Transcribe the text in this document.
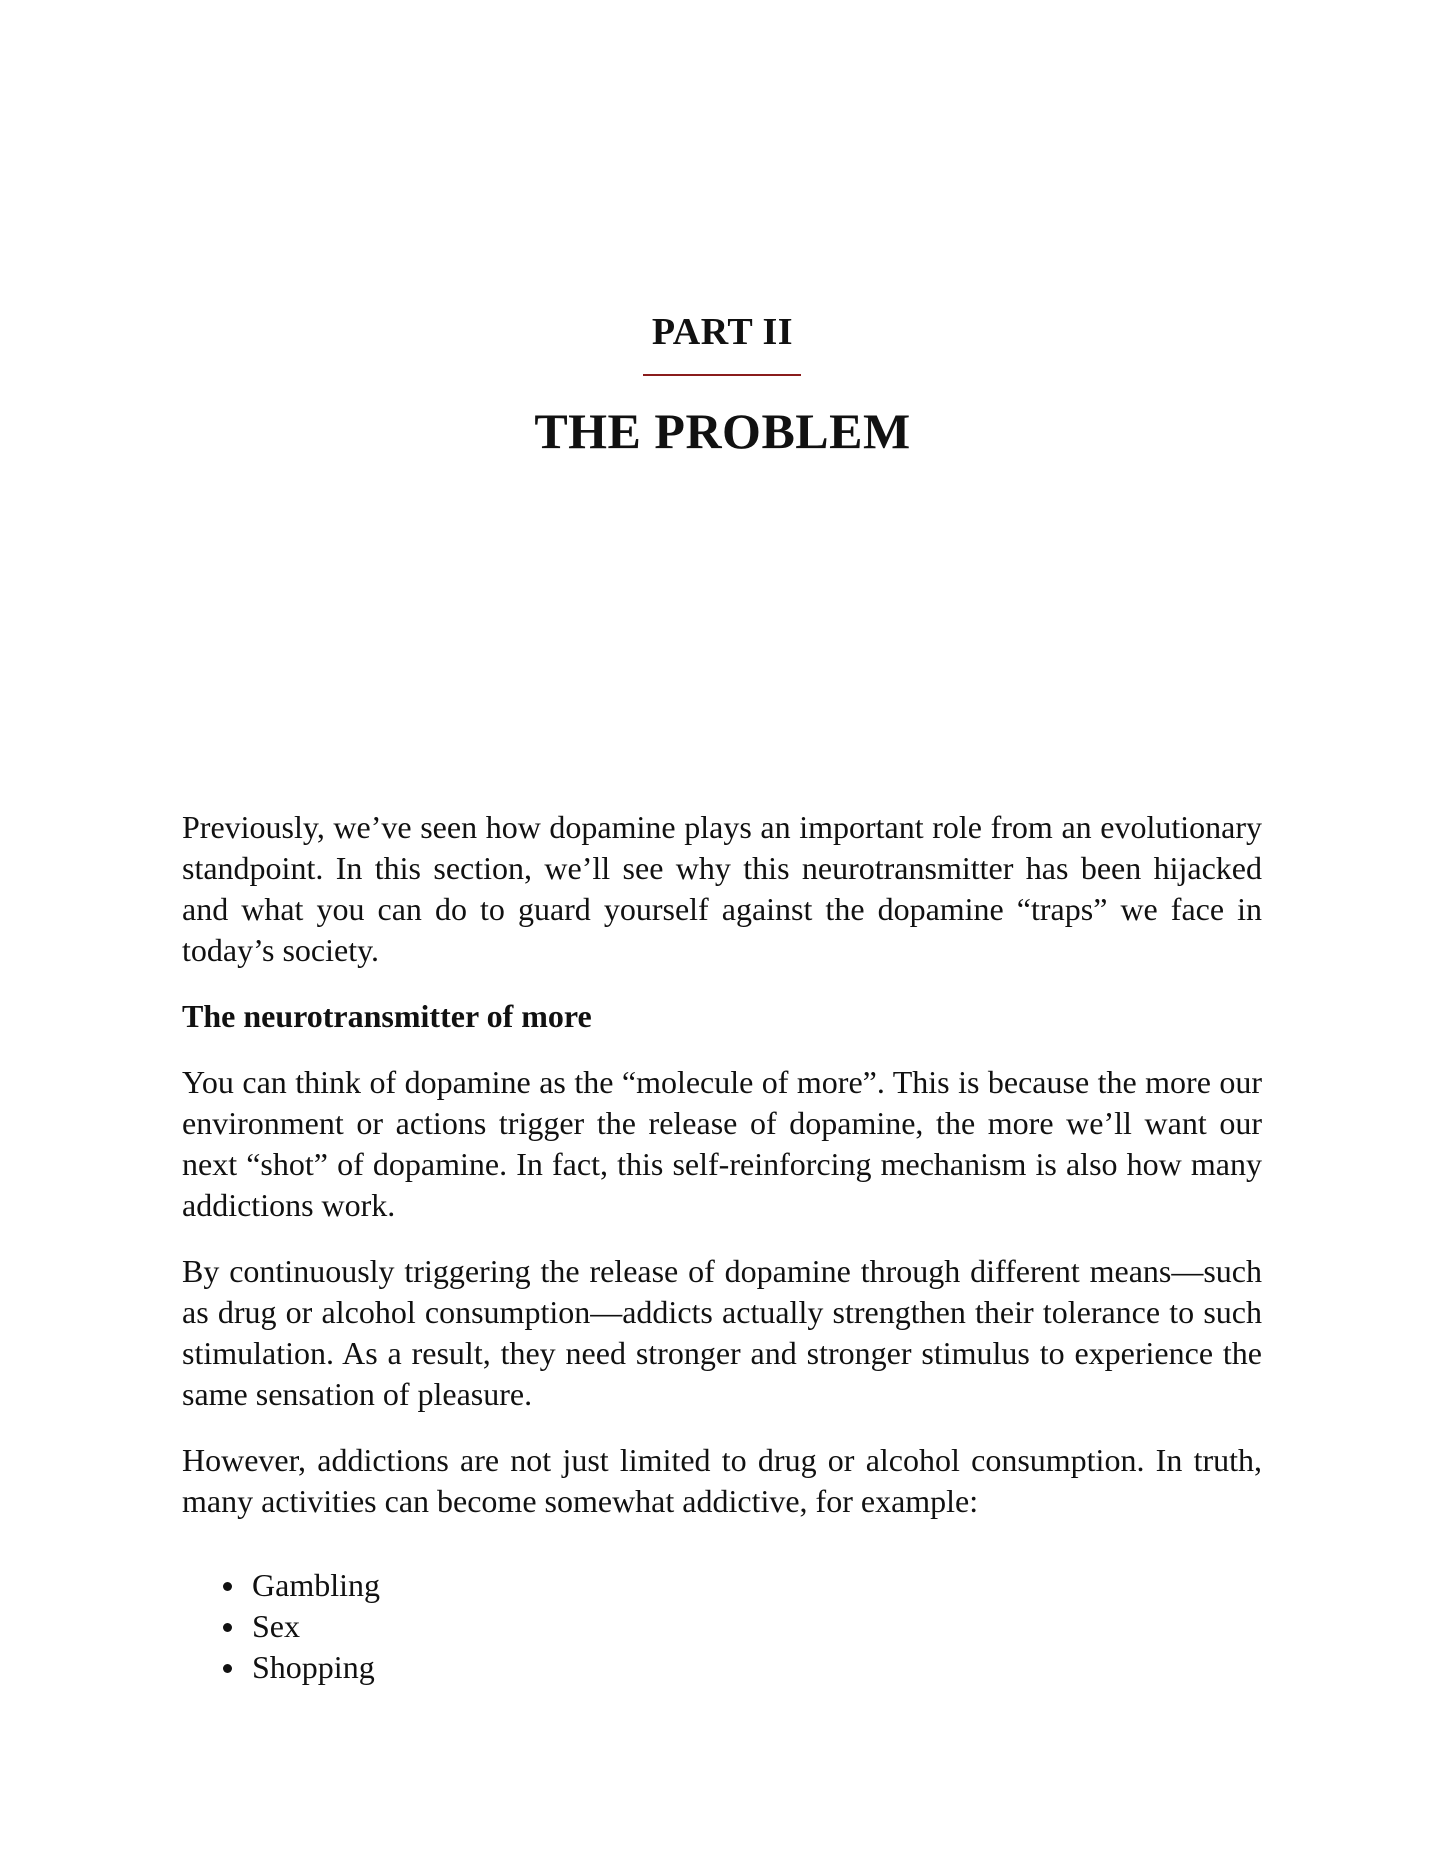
PART II
THE PROBLEM

Previously, we’ve seen how dopamine plays an important role from an evolutionary standpoint. In this section, we’ll see why this neurotransmitter has been hijacked and what you can do to guard yourself against the dopamine “traps” we face in today’s society.

The neurotransmitter of more

You can think of dopamine as the “molecule of more”. This is because the more our environment or actions trigger the release of dopamine, the more we’ll want our next “shot” of dopamine. In fact, this self-reinforcing mechanism is also how many addictions work.

By continuously triggering the release of dopamine through different means—such as drug or alcohol consumption—addicts actually strengthen their tolerance to such stimulation. As a result, they need stronger and stronger stimulus to experience the same sensation of pleasure.

However, addictions are not just limited to drug or alcohol consumption. In truth, many activities can become somewhat addictive, for example:

Gambling
Sex
Shopping
